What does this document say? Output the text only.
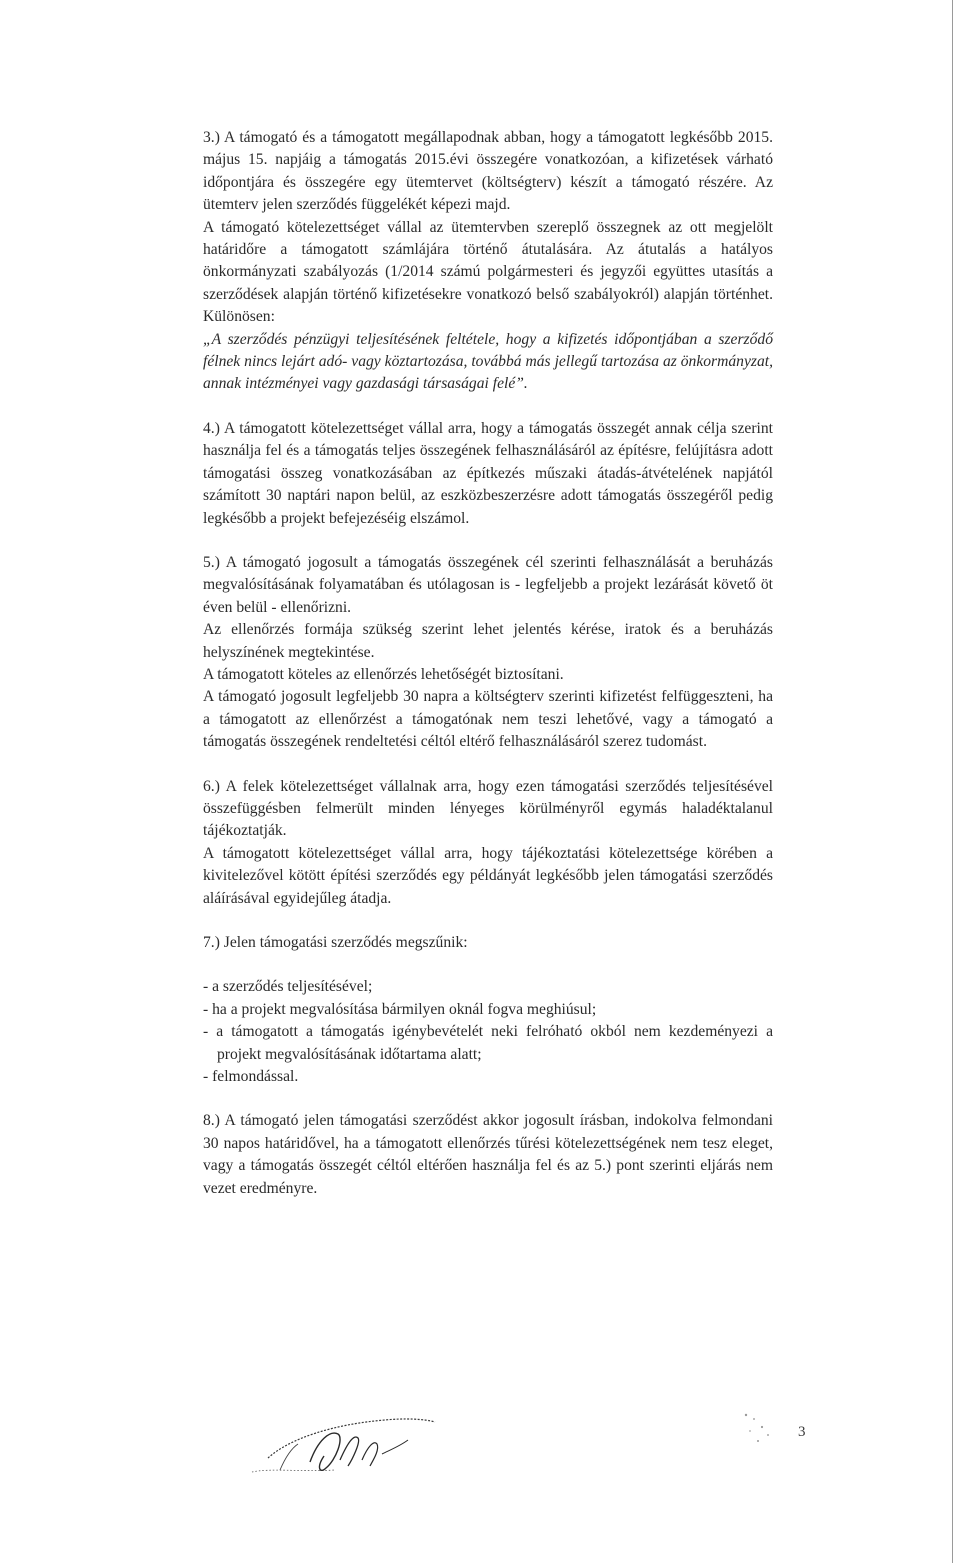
3.) A támogató és a támogatott megállapodnak abban, hogy a támogatott legkésőbb 2015. május 15. napjáig a támogatás 2015.évi összegére vonatkozóan, a kifizetések várható időpontjára és összegére egy ütemtervet (költségterv) készít a támogató részére. Az ütemterv jelen szerződés függelékét képezi majd.

A támogató kötelezettséget vállal az ütemtervben szereplő összegnek az ott megjelölt határidőre a támogatott számlájára történő átutalására. Az átutalás a hatályos önkormányzati szabályozás (1/2014 számú polgármesteri és jegyzői együttes utasítás a szerződések alapján történő kifizetésekre vonatkozó belső szabályokról) alapján történhet. Különösen:

„A szerződés pénzügyi teljesítésének feltétele, hogy a kifizetés időpontjában a szerződő félnek nincs lejárt adó- vagy köztartozása, továbbá más jellegű tartozása az önkormányzat, annak intézményei vagy gazdasági társaságai felé”.

4.) A támogatott kötelezettséget vállal arra, hogy a támogatás összegét annak célja szerint használja fel és a támogatás teljes összegének felhasználásáról az építésre, felújításra adott támogatási összeg vonatkozásában az építkezés műszaki átadás-átvételének napjától számított 30 naptári napon belül, az eszközbeszerzésre adott támogatás összegéről pedig legkésőbb a projekt befejezéséig elszámol.

5.) A támogató jogosult a támogatás összegének cél szerinti felhasználását a beruházás megvalósításának folyamatában és utólagosan is - legfeljebb a projekt lezárását követő öt éven belül - ellenőrizni.

Az ellenőrzés formája szükség szerint lehet jelentés kérése, iratok és a beruházás helyszínének megtekintése.

A támogatott köteles az ellenőrzés lehetőségét biztosítani.

A támogató jogosult legfeljebb 30 napra a költségterv szerinti kifizetést felfüggeszteni, ha a támogatott az ellenőrzést a támogatónak nem teszi lehetővé, vagy a támogató a támogatás összegének rendeltetési céltól eltérő felhasználásáról szerez tudomást.

6.) A felek kötelezettséget vállalnak arra, hogy ezen támogatási szerződés teljesítésével összefüggésben felmerült minden lényeges körülményről egymás haladéktalanul tájékoztatják.

A támogatott kötelezettséget vállal arra, hogy tájékoztatási kötelezettsége körében a kivitelezővel kötött építési szerződés egy példányát legkésőbb jelen támogatási szerződés aláírásával egyidejűleg átadja.

7.) Jelen támogatási szerződés megszűnik:

- a szerződés teljesítésével;

- ha a projekt megvalósítása bármilyen oknál fogva meghiúsul;

- a támogatott a támogatás igénybevételét neki felróható okból nem kezdeményezi a projekt megvalósításának időtartama alatt;

- felmondással.

8.) A támogató jelen támogatási szerződést akkor jogosult írásban, indokolva felmondani 30 napos határidővel, ha a támogatott ellenőrzés tűrési kötelezettségének nem tesz eleget, vagy a támogatás összegét céltól eltérően használja fel és az 5.) pont szerinti eljárás nem vezet eredményre.

3
